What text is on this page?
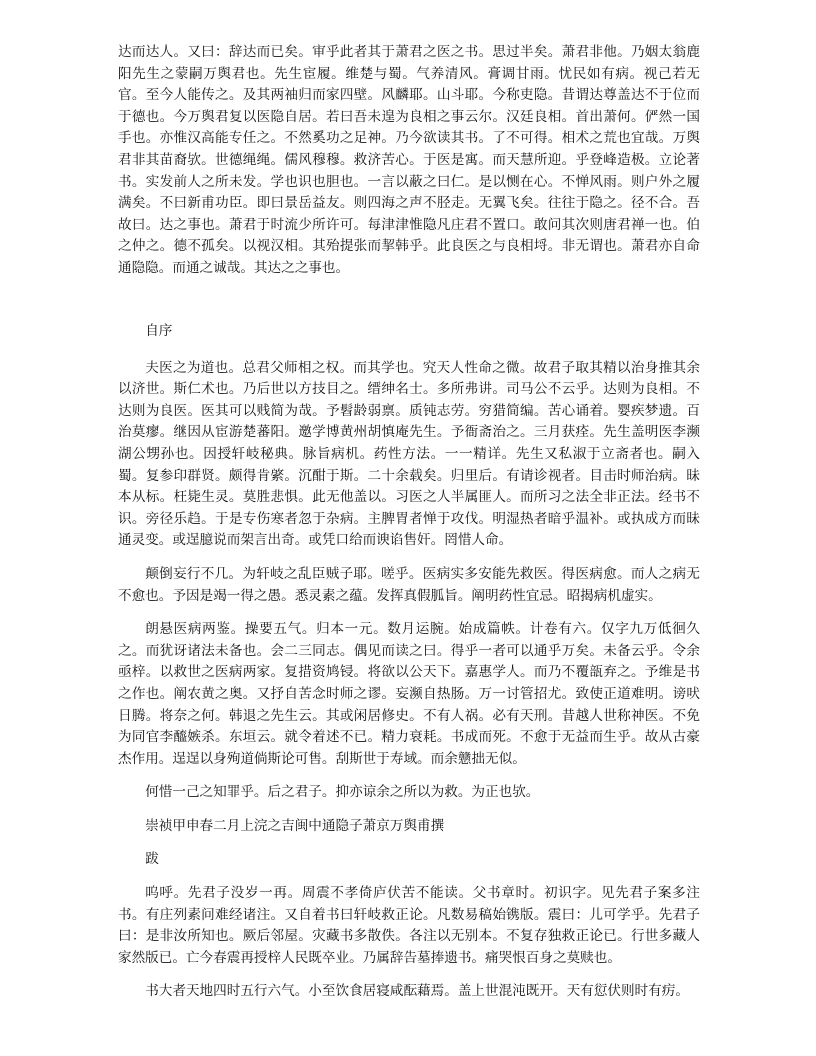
达而达人。又曰：辞达而已矣。审乎此者其于萧君之医之书。思过半矣。萧君非他。乃姻太翁鹿阳先生之蒙嗣万舆君也。先生宦履。维楚与蜀。气养清风。膏调甘雨。忧民如有病。视己若无官。至今人能传之。及其两袖归而家四壁。风麟耶。山斗耶。今称吏隐。昔谓达尊盖达不于位而于德也。今万舆君复以医隐自居。若曰吾未遑为良相之事云尔。汉廷良相。首出萧何。俨然一国手也。亦惟汉高能专任之。不然奚功之足神。乃今欲读其书。了不可得。相术之荒也宜哉。万舆君非其苗裔欤。世德绳绳。儒风穆穆。救济苦心。于医是寓。而天慧所迎。乎登峰造极。立论著书。实发前人之所未发。学也识也胆也。一言以蔽之曰仁。是以恻在心。不惮风雨。则户外之履满矣。不曰新甫功臣。即曰景岳益友。则四海之声不胫走。无翼飞矣。往往于隐之。径不合。吾故曰。达之事也。萧君于时流少所许可。每津津惟隐凡庄君不置口。敢问其次则唐君禅一也。伯之仲之。德不孤矣。以视汉相。其殆提张而挈韩乎。此良医之与良相埒。非无谓也。萧君亦自命通隐隐。而通之诚哉。其达之之事也。

自序

夫医之为道也。总君父师相之权。而其学也。究天人性命之微。故君子取其精以治身推其余以济世。斯仁术也。乃后世以方技目之。缙绅名士。多所弗讲。司马公不云乎。达则为良相。不达则为良医。医其可以贱简为哉。予髫龄弱禀。质钝志劳。穷猎简编。苦心诵着。婴疾梦遗。百治莫瘳。继因从宦游楚蕃阳。邀学博黄州胡慎庵先生。予衙斋治之。三月获痊。先生盖明医李濒湖公甥孙也。因授轩岐秘典。脉旨病机。药性方法。一一精详。先生又私淑于立斋者也。嗣入蜀。复参印群贤。颇得肯綮。沉酣于斯。二十余载矣。归里后。有请诊视者。目击时师治病。昧本从标。枉毙生灵。莫胜悲惧。此无他盖以。习医之人半属匪人。而所习之法全非正法。经书不识。旁径乐趋。于是专伤寒者忽于杂病。主脾胃者惮于攻伐。明湿热者暗乎温补。或执成方而昧通灵变。或逞臆说而架言出奇。或凭口给而谀谄售奸。罔惜人命。

颠倒妄行不几。为轩岐之乱臣贼子耶。嗟乎。医病实多安能先救医。得医病愈。而人之病无不愈也。予因是竭一得之愚。悉灵素之蕴。发挥真假胍旨。阐明药性宜忌。昭揭病机虚实。

朗悬医病两鉴。操要五气。归本一元。数月运腕。始成篇帙。计卷有六。仅字九万低徊久之。而犹讶诸法未备也。会二三同志。偶见而读之曰。得乎一者可以通乎万矣。未备云乎。令余亟梓。以救世之医病两家。复措资鸠锓。将欲以公天下。嘉惠学人。而乃不覆瓿弃之。予维是书之作也。阐农黄之奥。又抒自苦念时师之谬。妄濒自热肠。万一讨管招尤。致使正道难明。谤吠日腾。将奈之何。韩退之先生云。其或闲居修史。不有人祸。必有天刑。昔越人世称神医。不免为同官李醯嫉杀。东垣云。就令着述不已。精力衰耗。书成而死。不愈于无益而生乎。故从古豪杰作用。逞逞以身殉道倘斯论可售。刮斯世于寿域。而余戆拙无似。

何惜一己之知罪乎。后之君子。抑亦谅余之所以为救。为正也欤。

崇祯甲申春二月上浣之吉闽中通隐子萧京万舆甫撰

跋

呜呼。先君子没岁一再。周震不孝倚庐伏苦不能读。父书章时。初识字。见先君子案多注书。有庄列素问难经诸注。又自着书曰轩岐救正论。凡数易稿始镌版。震曰：儿可学乎。先君子曰：是非汝所知也。厥后邻屋。灾藏书多散佚。各注以无别本。不复存独救正论已。行世多藏人家然版已。亡今春震再授梓人民既卒业。乃属辞告墓捧遗书。痛哭恨百身之莫赎也。

书大者天地四时五行六气。小至饮食居寝咸酝藉焉。盖上世混沌既开。天有愆伏则时有疠。
